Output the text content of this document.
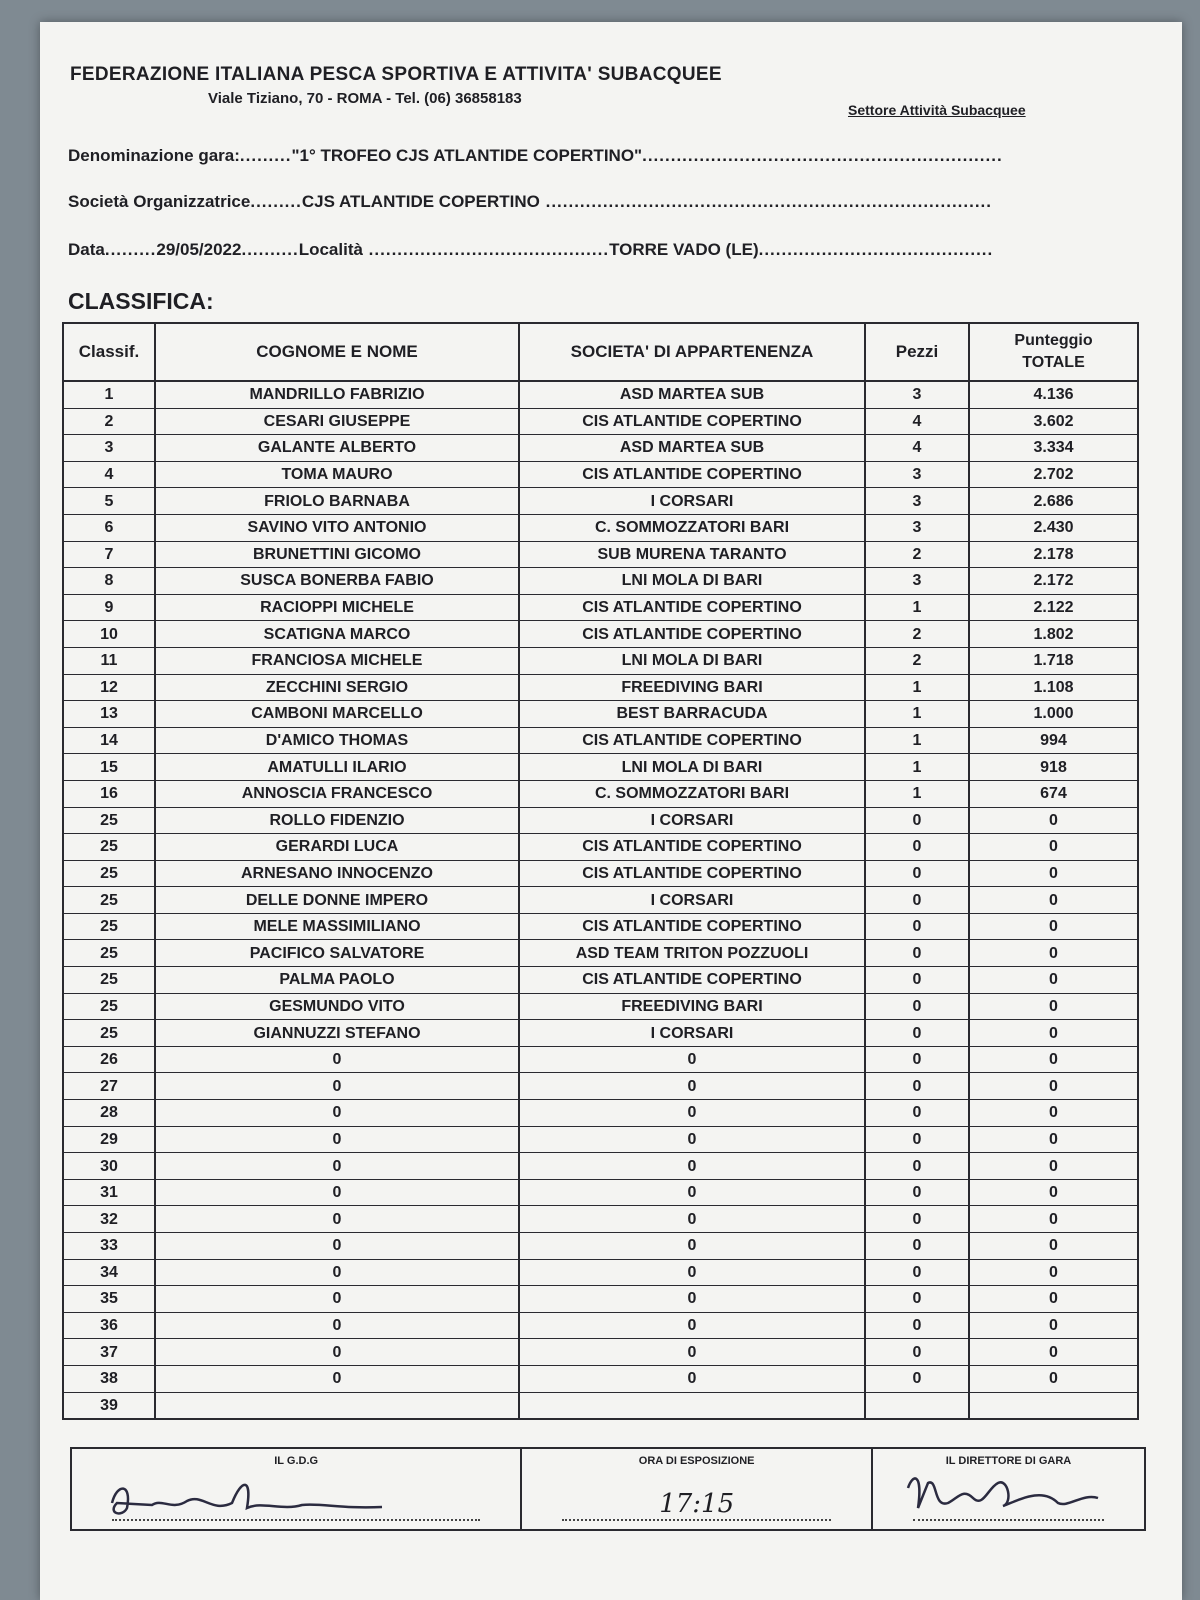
FEDERAZIONE ITALIANA PESCA SPORTIVA E ATTIVITA' SUBACQUEE
Viale Tiziano, 70 - ROMA - Tel. (06) 36858183
Settore Attività Subacquee
Denominazione gara:........."1° TROFEO CJS ATLANTIDE COPERTINO"...............................................................
Società Organizzatrice.........CJS ATLANTIDE COPERTINO ..............................................................................
Data.........29/05/2022..........Località ..........................................TORRE VADO (LE).........................................
CLASSIFICA:
Classif.	COGNOME E NOME	SOCIETA' DI APPARTENENZA	Pezzi	Punteggio
TOTALE

1	MANDRILLO FABRIZIO	ASD MARTEA SUB	3	4.136
2	CESARI GIUSEPPE	CIS ATLANTIDE COPERTINO	4	3.602
3	GALANTE ALBERTO	ASD MARTEA SUB	4	3.334
4	TOMA MAURO	CIS ATLANTIDE COPERTINO	3	2.702
5	FRIOLO BARNABA	I CORSARI	3	2.686
6	SAVINO VITO ANTONIO	C. SOMMOZZATORI BARI	3	2.430
7	BRUNETTINI GICOMO	SUB MURENA TARANTO	2	2.178
8	SUSCA BONERBA FABIO	LNI MOLA DI BARI	3	2.172
9	RACIOPPI MICHELE	CIS ATLANTIDE COPERTINO	1	2.122
10	SCATIGNA MARCO	CIS ATLANTIDE COPERTINO	2	1.802
11	FRANCIOSA MICHELE	LNI MOLA DI BARI	2	1.718
12	ZECCHINI SERGIO	FREEDIVING BARI	1	1.108
13	CAMBONI MARCELLO	BEST BARRACUDA	1	1.000
14	D'AMICO THOMAS	CIS ATLANTIDE COPERTINO	1	994
15	AMATULLI ILARIO	LNI MOLA DI BARI	1	918
16	ANNOSCIA FRANCESCO	C. SOMMOZZATORI BARI	1	674
25	ROLLO FIDENZIO	I CORSARI	0	0
25	GERARDI LUCA	CIS ATLANTIDE COPERTINO	0	0
25	ARNESANO INNOCENZO	CIS ATLANTIDE COPERTINO	0	0
25	DELLE DONNE IMPERO	I CORSARI	0	0
25	MELE MASSIMILIANO	CIS ATLANTIDE COPERTINO	0	0
25	PACIFICO SALVATORE	ASD TEAM TRITON POZZUOLI	0	0
25	PALMA PAOLO	CIS ATLANTIDE COPERTINO	0	0
25	GESMUNDO VITO	FREEDIVING BARI	0	0
25	GIANNUZZI STEFANO	I CORSARI	0	0
26	0	0	0	0
27	0	0	0	0
28	0	0	0	0
29	0	0	0	0
30	0	0	0	0
31	0	0	0	0
32	0	0	0	0
33	0	0	0	0
34	0	0	0	0
35	0	0	0	0
36	0	0	0	0
37	0	0	0	0
38	0	0	0	0
39				
IL G.D.G	ORA DI ESPOSIZIONE
17:15
IL DIRETTORE DI GARA
